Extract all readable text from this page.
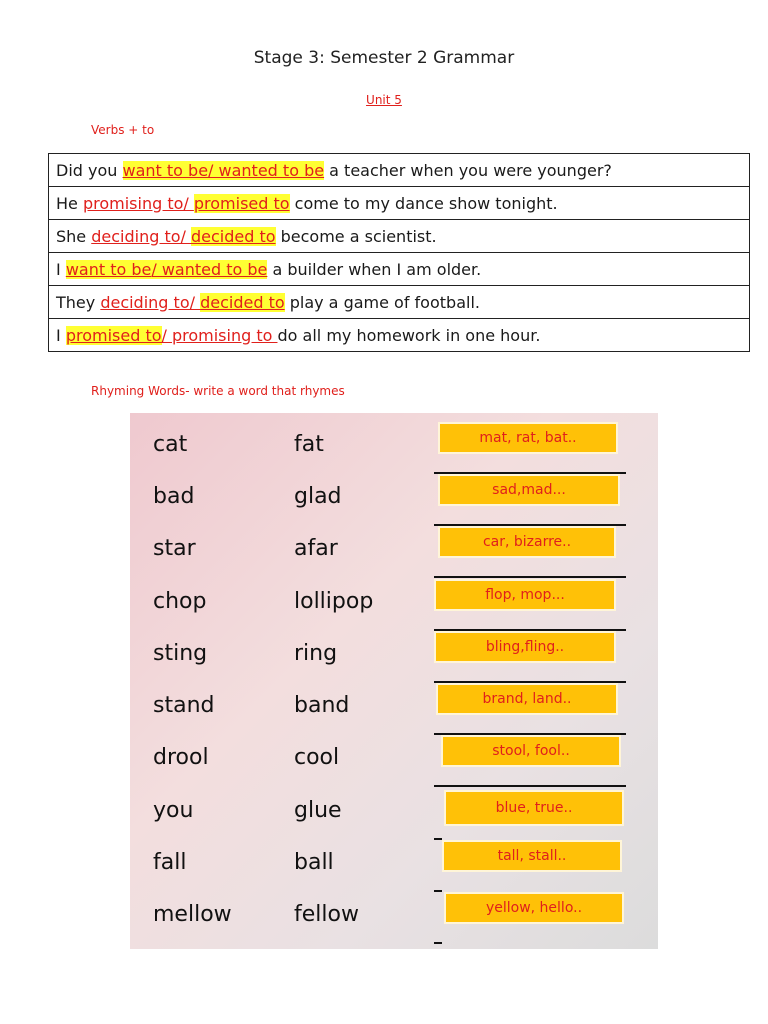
Stage 3: Semester 2 Grammar
Unit 5
Verbs + to
Did you want to be/ wanted to be a teacher when you were younger?
He promising to/ promised to come to my dance show tonight.
She deciding to/ decided to become a scientist.
I want to be/ wanted to be a builder when I am older.
They deciding to/ decided to play a game of football.
I promised to/ promising to do all my homework in one hour.
Rhyming Words- write a word that rhymes
cat	fat	mat, rat, bat..
bad	glad	sad,mad...
star	afar	car, bizarre..
chop	lollipop	flop, mop...
sting	ring	bling,fling..
stand	band	brand, land..
drool	cool	stool, fool..
you	glue	blue, true..
fall	ball	tall, stall..
mellow	fellow	yellow, hello..
